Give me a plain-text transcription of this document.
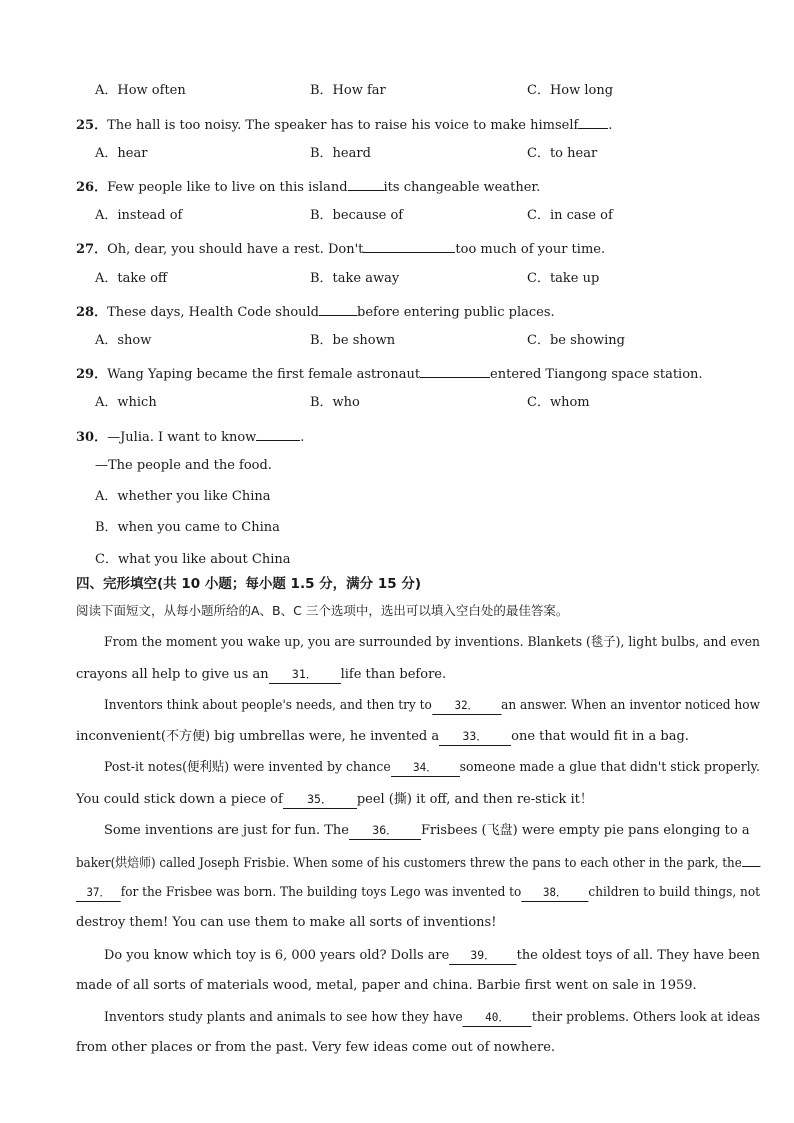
A．How often	B．How far	C．How long
25．The hall is too noisy. The speaker has to raise his voice to make himself .
A．hear	B．heard	C．to hear
26．Few people like to live on this island	its changeable weather.
A．instead of	B．because of	C．in case of
27．Oh, dear, you should have a rest. Don't	too much of your time.
A．take off	B．take away	C．take up
28．These days, Health Code should	before entering public places.
A．show	B．be shown	C．be showing
29．Wang Yaping became the first female astronaut	entered Tiangong space station.
A．which	B．who	C．whom
30．—Julia. I want to know	.
—The people and the food.
A．whether you like China
B．when you came to China
C．what you like about China
四、完形填空(共 10 小题；每小题 1.5 分，满分 15 分)
阅读下面短文，从每小题所给的A、B、C 三个选项中，选出可以填入空白处的最佳答案。
From the moment you wake up, you are surrounded by inventions. Blankets (毯子), light bulbs, and even
crayons all help to give us an 31． life than before.
Inventors think about people's needs, and then try to 32． an answer. When an inventor noticed how
inconvenient(不方便) big umbrellas were, he invented a 33． one that would fit in a bag.
Post-it notes(便利贴) were invented by chance 34． someone made a glue that didn't stick properly.
You could stick down a piece of 35． peel (撕) it off, and then re-stick it！
Some inventions are just for fun. The 36． Frisbees (飞盘) were empty pie pans elonging to a
baker(烘焙师) called Joseph Frisbie. When some of his customers threw the pans to each other in the park, the
37． for the Frisbee was born. The building toys Lego was invented to 38． children to build things, not
destroy them! You can use them to make all sorts of inventions!
Do you know which toy is 6, 000 years old? Dolls are 39． the oldest toys of all. They have been
made of all sorts of materials wood, metal, paper and china. Barbie first went on sale in 1959.
Inventors study plants and animals to see how they have 40． their problems. Others look at ideas
from other places or from the past. Very few ideas come out of nowhere.
